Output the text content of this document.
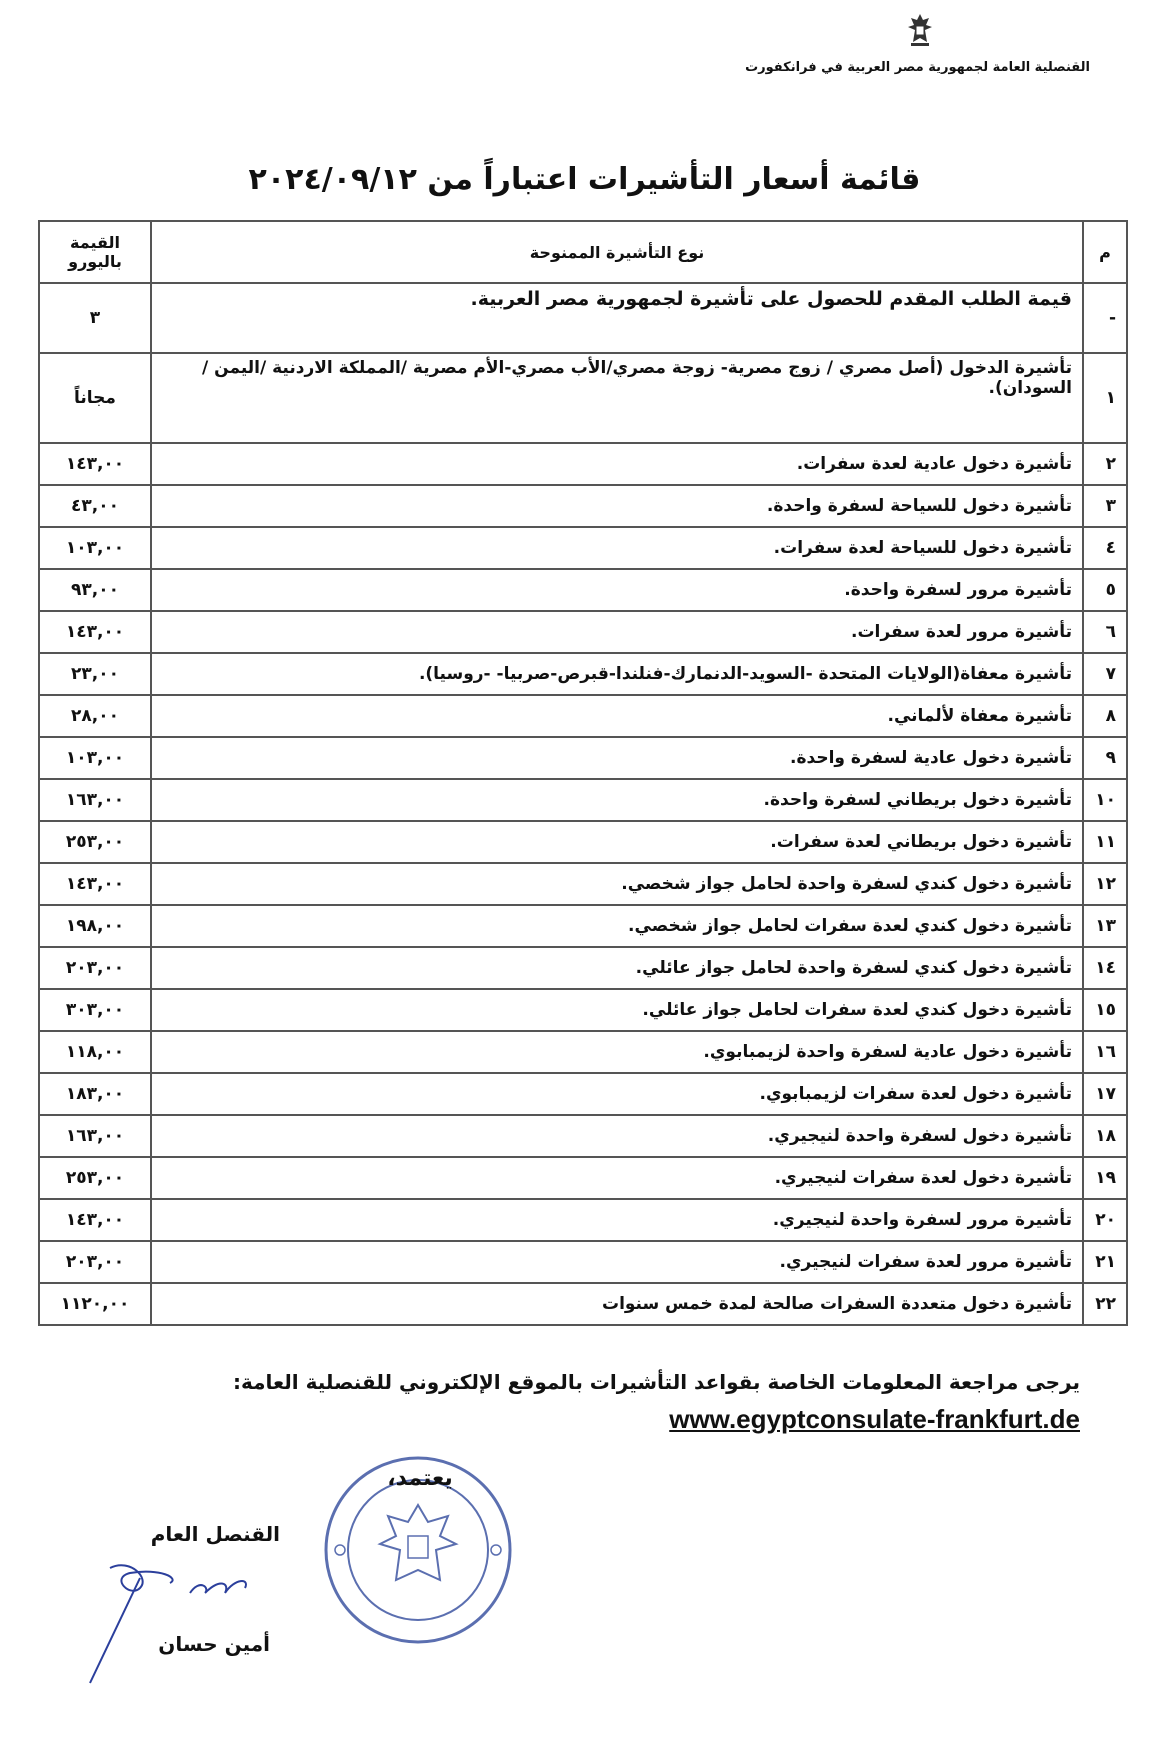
القنصلية العامة لجمهورية مصر العربية في فرانكفورت
قائمة أسعار التأشيرات اعتباراً من ٢٠٢٤/٠٩/١٢
م	نوع التأشيرة الممنوحة	القيمة باليورو
-	قيمة الطلب المقدم للحصول على تأشيرة لجمهورية مصر العربية.	٣
١	تأشيرة الدخول (أصل مصري / زوج مصرية- زوجة مصري/الأب مصري-الأم مصرية /المملكة الاردنية /اليمن /السودان).	مجاناً
٢	تأشيرة دخول عادية لعدة سفرات.	١٤٣,٠٠
٣	تأشيرة دخول للسياحة لسفرة واحدة.	٤٣,٠٠
٤	تأشيرة دخول للسياحة لعدة سفرات.	١٠٣,٠٠
٥	تأشيرة مرور لسفرة واحدة.	٩٣,٠٠
٦	تأشيرة مرور لعدة سفرات.	١٤٣,٠٠
٧	تأشيرة معفاة(الولايات المتحدة -السويد-الدنمارك-فنلندا-قبرص-صربيا- -روسيا).	٢٣,٠٠
٨	تأشيرة معفاة لألماني.	٢٨,٠٠
٩	تأشيرة دخول عادية لسفرة واحدة.	١٠٣,٠٠
١٠	تأشيرة دخول بريطاني لسفرة واحدة.	١٦٣,٠٠
١١	تأشيرة دخول بريطاني لعدة سفرات.	٢٥٣,٠٠
١٢	تأشيرة دخول كندي لسفرة واحدة لحامل جواز شخصي.	١٤٣,٠٠
١٣	تأشيرة دخول كندي لعدة سفرات لحامل جواز شخصي.	١٩٨,٠٠
١٤	تأشيرة دخول كندي لسفرة واحدة لحامل جواز عائلي.	٢٠٣,٠٠
١٥	تأشيرة دخول كندي لعدة سفرات لحامل جواز عائلي.	٣٠٣,٠٠
١٦	تأشيرة دخول عادية لسفرة واحدة لزيمبابوي.	١١٨,٠٠
١٧	تأشيرة دخول لعدة سفرات لزيمبابوي.	١٨٣,٠٠
١٨	تأشيرة دخول لسفرة واحدة لنيجيري.	١٦٣,٠٠
١٩	تأشيرة دخول لعدة سفرات لنيجيري.	٢٥٣,٠٠
٢٠	تأشيرة مرور لسفرة واحدة لنيجيري.	١٤٣,٠٠
٢١	تأشيرة مرور لعدة سفرات لنيجيري.	٢٠٣,٠٠
٢٢	تأشيرة دخول متعددة السفرات صالحة لمدة خمس سنوات	١١٢٠,٠٠
يرجى مراجعة المعلومات الخاصة بقواعد التأشيرات بالموقع الإلكتروني للقنصلية العامة:
www.egyptconsulate-frankfurt.de
يعتمد،
القنصل العام
أمين حسان
